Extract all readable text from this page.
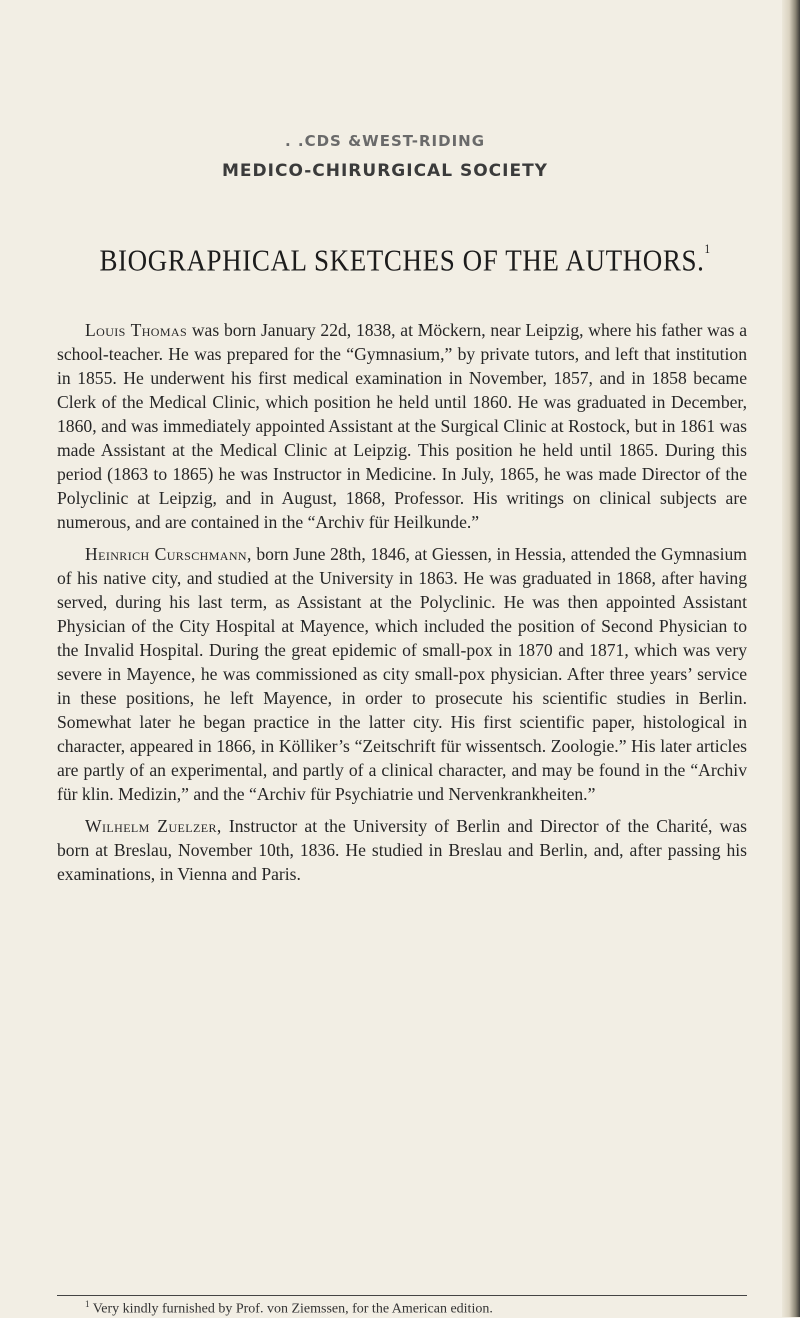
. .CDS &WEST-RIDING
MEDICO-CHIRURGICAL SOCIETY
BIOGRAPHICAL SKETCHES OF THE AUTHORS.$^1$

Louis Thomas was born January 22d, 1838, at Möckern, near Leipzig, where his father was a school-teacher. He was prepared for the “Gymnasium,” by private tutors, and left that institution in 1855. He underwent his first medical examination in November, 1857, and in 1858 became Clerk of the Medical Clinic, which position he held until 1860. He was graduated in December, 1860, and was immediately appointed Assistant at the Surgical Clinic at Rostock, but in 1861 was made Assistant at the Medical Clinic at Leipzig. This position he held until 1865. During this period (1863 to 1865) he was Instructor in Medicine. In July, 1865, he was made Director of the Polyclinic at Leipzig, and in August, 1868, Professor. His writings on clinical subjects are numerous, and are contained in the “Archiv für Heilkunde.”

Heinrich Curschmann, born June 28th, 1846, at Giessen, in Hessia, attended the Gymnasium of his native city, and studied at the University in 1863. He was graduated in 1868, after having served, during his last term, as Assistant at the Polyclinic. He was then appointed Assistant Physician of the City Hospital at Mayence, which included the position of Second Physician to the Invalid Hospital. During the great epidemic of small-pox in 1870 and 1871, which was very severe in Mayence, he was commissioned as city small-pox physician. After three years’ service in these positions, he left Mayence, in order to prosecute his scientific studies in Berlin. Somewhat later he began practice in the latter city. His first scientific paper, histological in character, appeared in 1866, in Kölliker’s “Zeitschrift für wissentsch. Zoologie.” His later articles are partly of an experimental, and partly of a clinical character, and may be found in the “Archiv für klin. Medizin,” and the “Archiv für Psychiatrie und Nervenkrankheiten.”

Wilhelm Zuelzer, Instructor at the University of Berlin and Director of the Charité, was born at Breslau, November 10th, 1836. He studied in Breslau and Berlin, and, after passing his examinations, in Vienna and Paris.

$^1$ Very kindly furnished by Prof. von Ziemssen, for the American edition.
